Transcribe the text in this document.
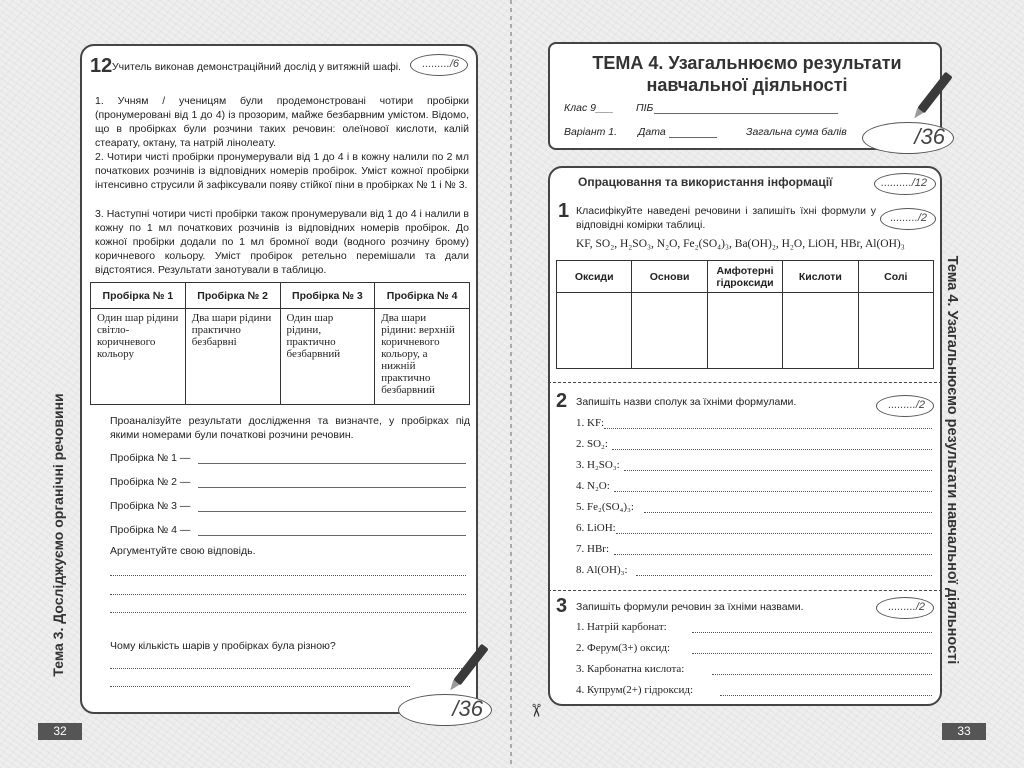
12 Учитель виконав демонстраційний дослід у витяжній шафі.	........./6
1. Учням / ученицям були продемонстровані чотири пробірки (пронумеровані від 1 до 4) із прозорим, майже безбарвним умістом. Відомо, що в пробірках були розчини таких речовин: олеїнової кислоти, калій стеарату, октану, та натрій лінолеату.
2. Чотири чисті пробірки пронумерували від 1 до 4 і в кожну налили по 2 мл початкових розчинів із відповідних номерів пробірок. Уміст кожної пробірки інтенсивно струсили й зафіксували появу стійкої піни в пробірках № 1 і № 3.
3. Наступні чотири чисті пробірки також пронумерували від 1 до 4 і налили в кожну по 1 мл початкових розчинів із відповідних номерів пробірок. До кожної пробірки додали по 1 мл бромної води (водного розчину брому) коричневого кольору. Уміст пробірок ретельно перемішали та дали відстоятися. Результати занотували в таблицю.
Пробірка № 1	Пробірка № 2	Пробірка № 3	Пробірка № 4
Один шар рідини світло-коричневого кольору	Два шари рідини практично безбарвні	Один шар рідини, практично безбарвний	Два шари рідини: верхній коричневого кольору, а нижній практично безбарвний
Проаналізуйте результати дослідження та визначте, у пробірках під якими номерами були початкові розчини речовин.
Пробірка № 1 —
Пробірка № 2 —
Пробірка № 3 —
Пробірка № 4 —
Аргументуйте свою відповідь.
Чому кількість шарів у пробірках була різною?
/36
Тема 3. Досліджуємо органічні речовини
32
ТЕМА 4. Узагальнюємо результати навчальної діяльності
Клас 9___ ПІБ
Варіант 1. Дата	Загальна сума балів	/36
Опрацювання та використання інформації	........../12
1 Класифікуйте наведені речовини і запишіть їхні формули у відповідні комірки таблиці.
........./2
KF, SO₂, H₂SO₃, N₂O, Fe₂(SO₄)₃, Ba(OH)₂, H₂O, LiOH, HBr, Al(OH)₃
Оксиди	Основи	Амфотерні гідроксиди	Кислоти	Солі

2 Запишіть назви сполук за їхніми формулами.	........./2
1. KF:
2. SO₂:
3. H₂SO₃:
4. N₂O:
5. Fe₂(SO₄)₃:
6. LiOH:
7. HBr:
8. Al(OH)₃:
3 Запишіть формули речовин за їхніми назвами.	........./2
1. Натрій карбонат:
2. Ферум(3+) оксид:
3. Карбонатна кислота:
4. Купрум(2+) гідроксид:
✂
Тема 4. Узагальнюємо результати навчальної діяльності
33
